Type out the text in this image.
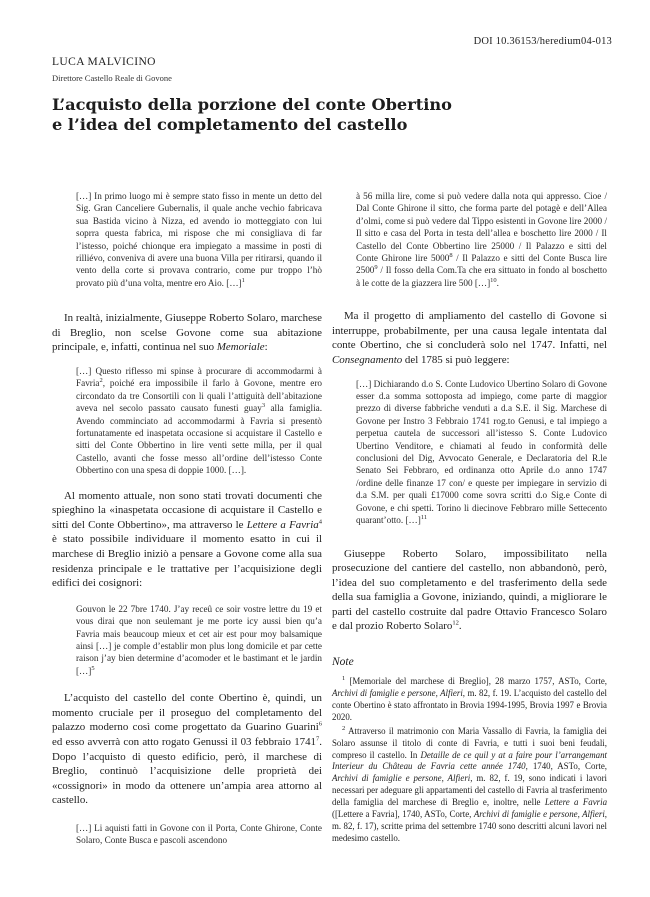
DOI 10.36153/heredium04-013
LUCA MALVICINO
Direttore Castello Reale di Govone
L’acquisto della porzione del conte Obertino
e l’idea del completamento del castello
[…] In primo luogo mi è sempre stato fisso in mente un detto del Sig. Gran Canceliere Gubernalis, il quale anche vechio fabricava sua Bastida vicino à Nizza, ed avendo io motteggiato con lui soprra questa fabrica, mi rispose che mi consigliava di far l’istesso, poiché chionque era impiegato a massime in posti di rilliévo, conveniva di avere una buona Villa per ritirarsi, quando il vento della corte si provava contrario, come pur troppo l’hò provato più d’una volta, mentre ero Aio. […]$^1$

In realtà, inizialmente, Giuseppe Roberto Solaro, marchese di Breglio, non scelse Govone come sua abitazione principale, e, infatti, continua nel suo Memoriale:

[…] Questo riflesso mi spinse à procurare di accommodarmi à Favria$^2$, poiché era impossibile il farlo à Govone, mentre ero circondato da tre Consortili con li quali l’attiguità dell’abitazione aveva nel secolo passato causato funesti guay$^3$ alla famiglia. Avendo comminciato ad accommodarmi à Favria si presentò fortunatamente ed inaspetata occasione si acquistare il Castello e sitti del Conte Obbertino in lire venti sette milla, per il qual Castello, avanti che fosse messo all’ordine dell’istesso Conte Obbertino con una spesa di doppie 1000. […].

Al momento attuale, non sono stati trovati documenti che spieghino la «inaspetata occasione di acquistare il Castello e sitti del Conte Obbertino», ma attraverso le Lettere a Favria$^4$ è stato possibile individuare il momento esatto in cui il marchese di Breglio iniziò a pensare a Govone come alla sua residenza principale e le trattative per l’acquisizione degli edifici dei cosignori:

Gouvon le 22 7bre 1740. J’ay receû ce soir vostre lettre du 19 et vous dirai que non seulemant je me porte icy aussi bien qu’a Favria mais beaucoup mieux et cet air est pour moy balsamique ainsi […] je comple d’establir mon plus long domicile et par cette raison j’ay bien determine d’acomoder et le bastimant et le jardin […]$^5$

L’acquisto del castello del conte Obertino è, quindi, un momento cruciale per il proseguo del completamento del palazzo moderno così come progettato da Guarino Guarini$^6$ ed esso avverrà con atto rogato Genussi il 03 febbraio 1741$^7$. Dopo l’acquisto di questo edificio, però, il marchese di Breglio, continuò l’acquisizione delle proprietà dei «cossignori» in modo da ottenere un’ampia area attorno al castello.

[…] Li aquisti fatti in Govone con il Porta, Conte Ghirone, Conte Solaro, Conte Busca e pascoli ascendono
à 56 milla lire, come si può vedere dalla nota qui appresso. Cioe / Dal Conte Ghirone il sitto, che forma parte del potagè e dell’Allea d’olmi, come si può vedere dal Tippo esistenti in Govone lire 2000 / Il sitto e casa del Porta in testa dell’allea e boschetto lire 2000 / Il Castello del Conte Obbertino lire 25000 / Il Palazzo e sitti del Conte Ghirone lire 5000$^8$ / Il Palazzo e sitti del Conte Busca lire 2500$^9$ / Il fosso della Com.Ta che era sittuato in fondo al boschetto à le cotte de la giazzera lire 500 […]$^{10}$.

Ma il progetto di ampliamento del castello di Govone si interruppe, probabilmente, per una causa legale intentata dal conte Obertino, che si concluderà solo nel 1747. Infatti, nel Consegnamento del 1785 si può leggere:

[…] Dichiarando d.o S. Conte Ludovico Ubertino Solaro di Govone esser d.a somma sottoposta ad impiego, come parte di maggior prezzo di diverse fabbriche venduti a d.a S.E. il Sig. Marchese di Govone per Instro 3 Febbraio 1741 rog.to Genusi, e tal impiego a perpetua cautela de successori all’istesso S. Conte Ludovico Ubertino Venditore, e chiamati al feudo in conformità delle conclusioni del Dig, Avvocato Generale, e Declaratoria del R.le Senato Sei Febbraro, ed ordinanza otto Aprile d.o anno 1747 /ordine delle finanze 17 con/ e queste per impiegare in servizio di d.a S.M. per quali £17000 come sovra scritti d.o Sig.e Conte di Govone, e chi spetti. Torino li diecinove Febbraro mille Settecento quarant’otto. […]$^{11}$

Giuseppe Roberto Solaro, impossibilitato nella prosecuzione del cantiere del castello, non abbandonò, però, l’idea del suo completamento e del trasferimento della sede della sua famiglia a Govone, iniziando, quindi, a migliorare le parti del castello costruite dal padre Ottavio Francesco Solaro e dal prozio Roberto Solaro$^{12}$.

Note

$^1$ [Memoriale del marchese di Breglio], 28 marzo 1757, ASTo, Corte, Archivi di famiglie e persone, Alfieri, m. 82, f. 19. L’acquisto del castello del conte Obertino è stato affrontato in Brovia 1994-1995, Brovia 1997 e Brovia 2020.

$^2$ Attraverso il matrimonio con Maria Vassallo di Favria, la famiglia dei Solaro assunse il titolo di conte di Favria, e tutti i suoi beni feudali, compreso il castello. In Detaille de ce quil y at a faire pour l’arrangemant Interieur du Château de Favria cette année 1740, 1740, ASTo, Corte, Archivi di famiglie e persone, Alfieri, m. 82, f. 19, sono indicati i lavori necessari per adeguare gli appartamenti del castello di Favria al trasferimento della famiglia del marchese di Breglio e, inoltre, nelle Lettere a Favria ([Lettere a Favria], 1740, ASTo, Corte, Archivi di famiglie e persone, Alfieri, m. 82, f. 17), scritte prima del settembre 1740 sono descritti alcuni lavori nel medesimo castello.
